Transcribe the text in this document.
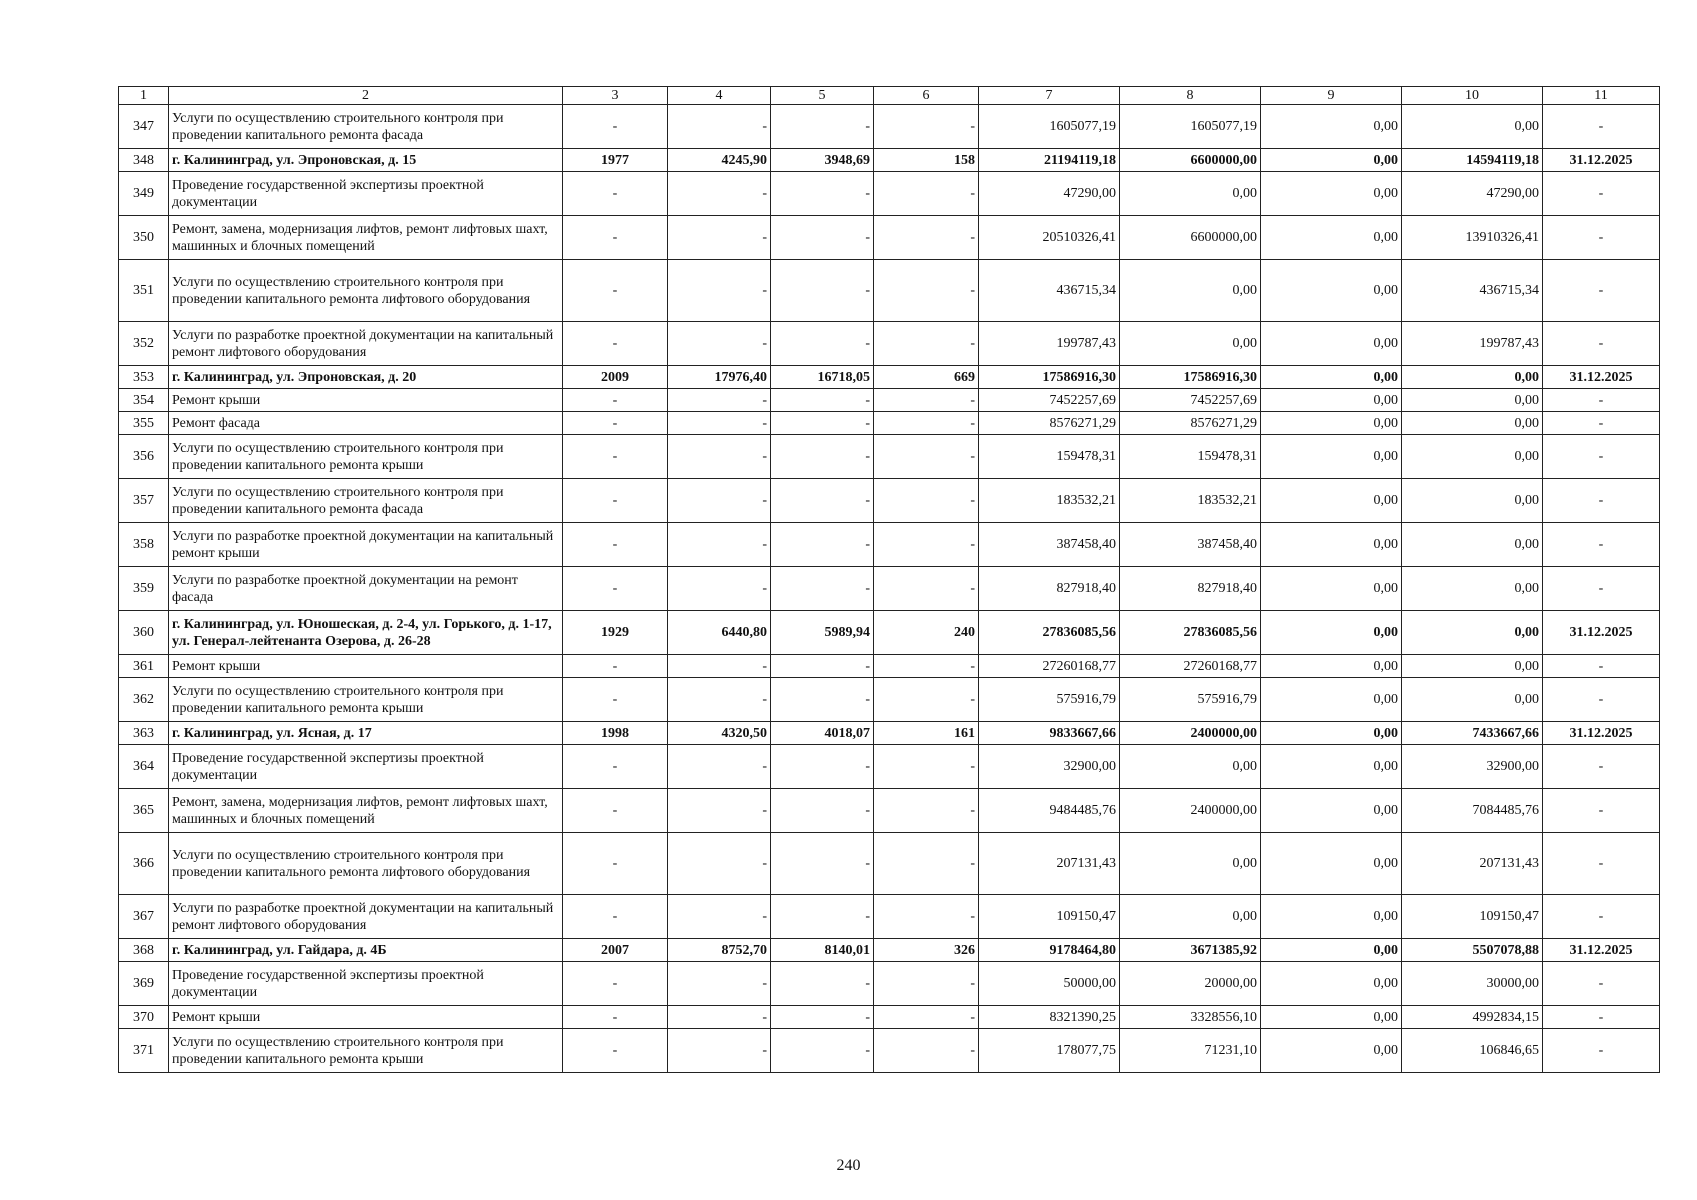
1	2	3	4	5	6	7	8	9	10	11
347	Услуги по осуществлению строительного контроля при проведении капитального ремонта фасада	-	-	-	-	1605077,19	1605077,19	0,00	0,00	-
348	г. Калининград, ул. Эпроновская, д. 15	1977	4245,90	3948,69	158	21194119,18	6600000,00	0,00	14594119,18	31.12.2025
349	Проведение государственной экспертизы проектной документации	-	-	-	-	47290,00	0,00	0,00	47290,00	-
350	Ремонт, замена, модернизация лифтов, ремонт лифтовых шахт, машинных и блочных помещений	-	-	-	-	20510326,41	6600000,00	0,00	13910326,41	-
351	Услуги по осуществлению строительного контроля при проведении капитального ремонта лифтового оборудования	-	-	-	-	436715,34	0,00	0,00	436715,34	-
352	Услуги по разработке проектной документации на капитальный ремонт лифтового оборудования	-	-	-	-	199787,43	0,00	0,00	199787,43	-
353	г. Калининград, ул. Эпроновская, д. 20	2009	17976,40	16718,05	669	17586916,30	17586916,30	0,00	0,00	31.12.2025
354	Ремонт крыши	-	-	-	-	7452257,69	7452257,69	0,00	0,00	-
355	Ремонт фасада	-	-	-	-	8576271,29	8576271,29	0,00	0,00	-
356	Услуги по осуществлению строительного контроля при проведении капитального ремонта крыши	-	-	-	-	159478,31	159478,31	0,00	0,00	-
357	Услуги по осуществлению строительного контроля при проведении капитального ремонта фасада	-	-	-	-	183532,21	183532,21	0,00	0,00	-
358	Услуги по разработке проектной документации на капитальный ремонт крыши	-	-	-	-	387458,40	387458,40	0,00	0,00	-
359	Услуги по разработке проектной документации на ремонт фасада	-	-	-	-	827918,40	827918,40	0,00	0,00	-
360	г. Калининград, ул. Юношеская, д. 2-4, ул. Горького, д. 1-17, ул. Генерал-лейтенанта Озерова, д. 26-28	1929	6440,80	5989,94	240	27836085,56	27836085,56	0,00	0,00	31.12.2025
361	Ремонт крыши	-	-	-	-	27260168,77	27260168,77	0,00	0,00	-
362	Услуги по осуществлению строительного контроля при проведении капитального ремонта крыши	-	-	-	-	575916,79	575916,79	0,00	0,00	-
363	г. Калининград, ул. Ясная, д. 17	1998	4320,50	4018,07	161	9833667,66	2400000,00	0,00	7433667,66	31.12.2025
364	Проведение государственной экспертизы проектной документации	-	-	-	-	32900,00	0,00	0,00	32900,00	-
365	Ремонт, замена, модернизация лифтов, ремонт лифтовых шахт, машинных и блочных помещений	-	-	-	-	9484485,76	2400000,00	0,00	7084485,76	-
366	Услуги по осуществлению строительного контроля при проведении капитального ремонта лифтового оборудования	-	-	-	-	207131,43	0,00	0,00	207131,43	-
367	Услуги по разработке проектной документации на капитальный ремонт лифтового оборудования	-	-	-	-	109150,47	0,00	0,00	109150,47	-
368	г. Калининград, ул. Гайдара, д. 4Б	2007	8752,70	8140,01	326	9178464,80	3671385,92	0,00	5507078,88	31.12.2025
369	Проведение государственной экспертизы проектной документации	-	-	-	-	50000,00	20000,00	0,00	30000,00	-
370	Ремонт крыши	-	-	-	-	8321390,25	3328556,10	0,00	4992834,15	-
371	Услуги по осуществлению строительного контроля при проведении капитального ремонта крыши	-	-	-	-	178077,75	71231,10	0,00	106846,65	-
240
